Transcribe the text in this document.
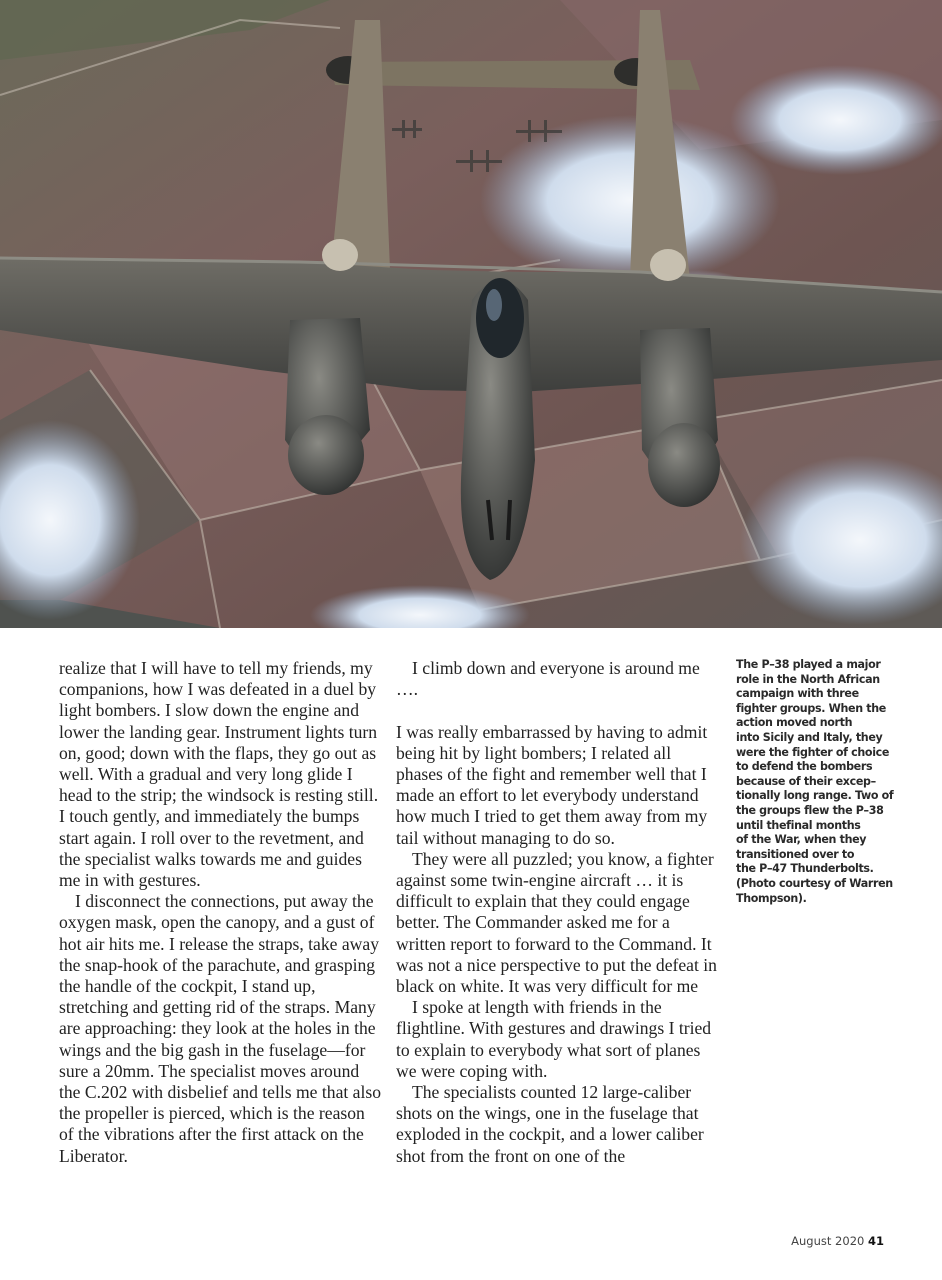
realize that I will have to tell my friends, my companions, how I was defeated in a duel by light bombers. I slow down the engine and lower the landing gear. Instrument lights turn on, good; down with the flaps, they go out as well. With a gradual and very long glide I head to the strip; the windsock is resting still. I touch gently, and immediately the bumps start again. I roll over to the revetment, and the specialist walks towards me and guides me in with gestures.

I disconnect the connections, put away the oxygen mask, open the canopy, and a gust of hot air hits me. I release the straps, take away the snap-hook of the parachute, and grasping the handle of the cockpit, I stand up, stretching and getting rid of the straps. Many are approaching: they look at the holes in the wings and the big gash in the fuselage—for sure a 20mm. The specialist moves around the C.202 with disbelief and tells me that also the propeller is pierced, which is the reason of the vibrations after the first attack on the Liberator.

I climb down and everyone is around me ….

I was really embarrassed by having to admit being hit by light bombers; I related all phases of the fight and remember well that I made an effort to let everybody understand how much I tried to get them away from my tail without managing to do so.

They were all puzzled; you know, a fighter against some twin-engine aircraft … it is difficult to explain that they could engage better. The Commander asked me for a written report to forward to the Command. It was not a nice perspective to put the defeat in black on white. It was very difficult for me

I spoke at length with friends in the flightline. With gestures and drawings I tried to explain to everybody what sort of planes we were coping with.

The specialists counted 12 large-caliber shots on the wings, one in the fuselage that exploded in the cockpit, and a lower caliber shot from the front on one of the

The P–38 played a major
role in the North African
campaign with three
fighter groups. When the
action moved north
into Sicily and Italy, they
were the fighter of choice
to defend the bombers
because of their excep–
tionally long range. Two of
the groups flew the P–38
until thefinal months
of the War, when they
transitioned over to
the P–47 Thunderbolts.
(Photo courtesy of Warren
Thompson).
August 2020 41
